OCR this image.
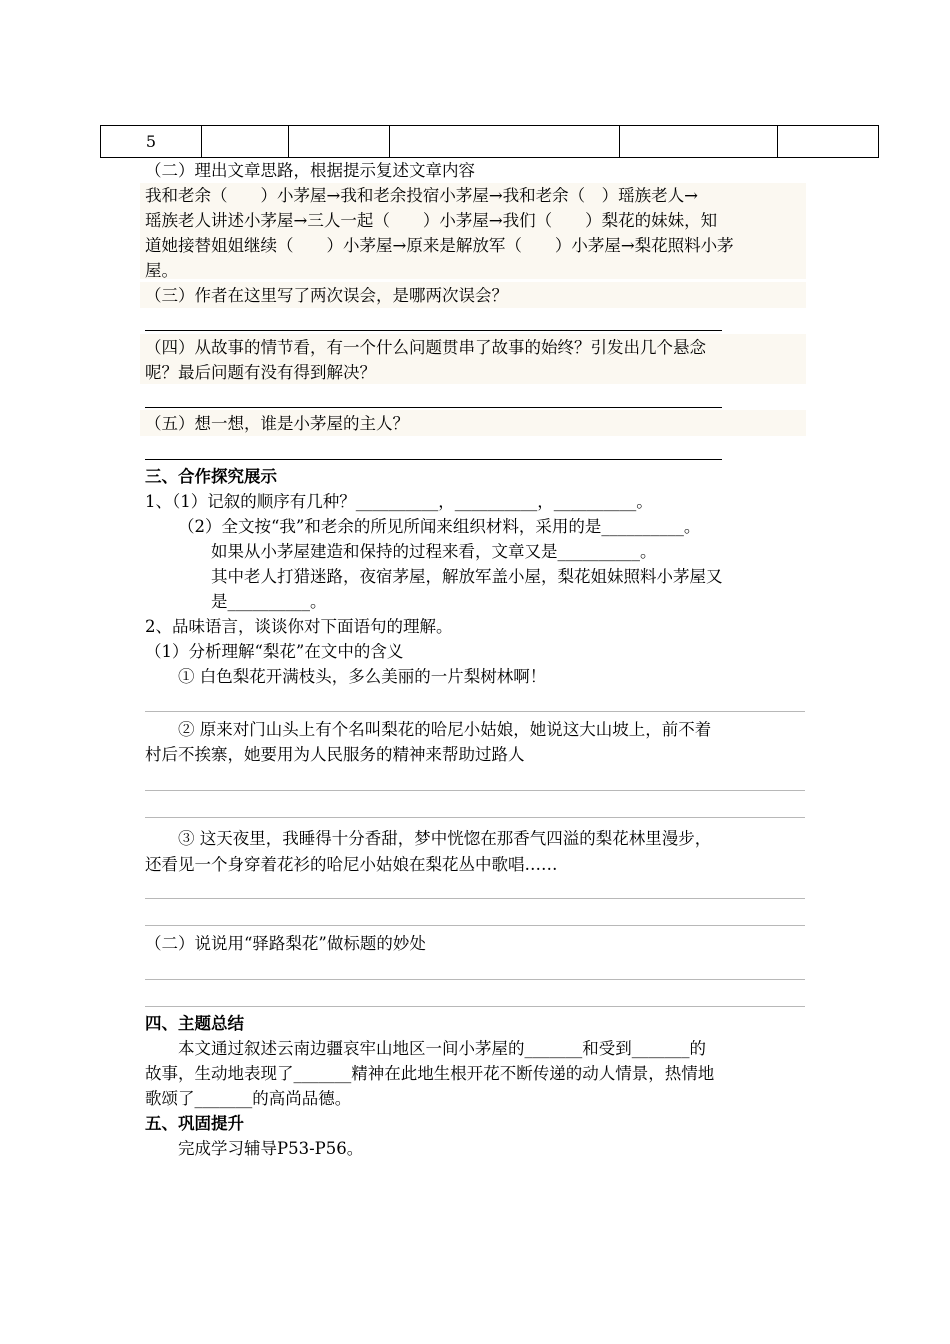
5					
（二）理出文章思路，根据提示复述文章内容
我和老余（　　）小茅屋→我和老余投宿小茅屋→我和老余（　）瑶族老人→
瑶族老人讲述小茅屋→三人一起（　　）小茅屋→我们（　　）梨花的妹妹，知
道她接替姐姐继续（　　）小茅屋→原来是解放军（　　）小茅屋→梨花照料小茅
屋。
（三）作者在这里写了两次误会，是哪两次误会？
（四）从故事的情节看，有一个什么问题贯串了故事的始终？引发出几个悬念
呢？最后问题有没有得到解决？
（五）想一想，谁是小茅屋的主人？
三、合作探究展示
1、（1）记叙的顺序有几种？__________，__________，__________。
（2）全文按“我”和老余的所见所闻来组织材料，采用的是__________。
如果从小茅屋建造和保持的过程来看，文章又是__________。
其中老人打猎迷路，夜宿茅屋，解放军盖小屋，梨花姐妹照料小茅屋又
是__________。
2、品味语言，谈谈你对下面语句的理解。
（1）分析理解“梨花”在文中的含义
① 白色梨花开满枝头，多么美丽的一片梨树林啊！
② 原来对门山头上有个名叫梨花的哈尼小姑娘，她说这大山坡上，前不着
村后不挨寨，她要用为人民服务的精神来帮助过路人
③ 这天夜里，我睡得十分香甜，梦中恍惚在那香气四溢的梨花林里漫步，
还看见一个身穿着花衫的哈尼小姑娘在梨花丛中歌唱……
（二）说说用“驿路梨花”做标题的妙处
四、主题总结
本文通过叙述云南边疆哀牢山地区一间小茅屋的_______和受到_______的
故事，生动地表现了_______精神在此地生根开花不断传递的动人情景，热情地
歌颂了_______的高尚品德。
五、巩固提升
完成学习辅导P53-P56。
